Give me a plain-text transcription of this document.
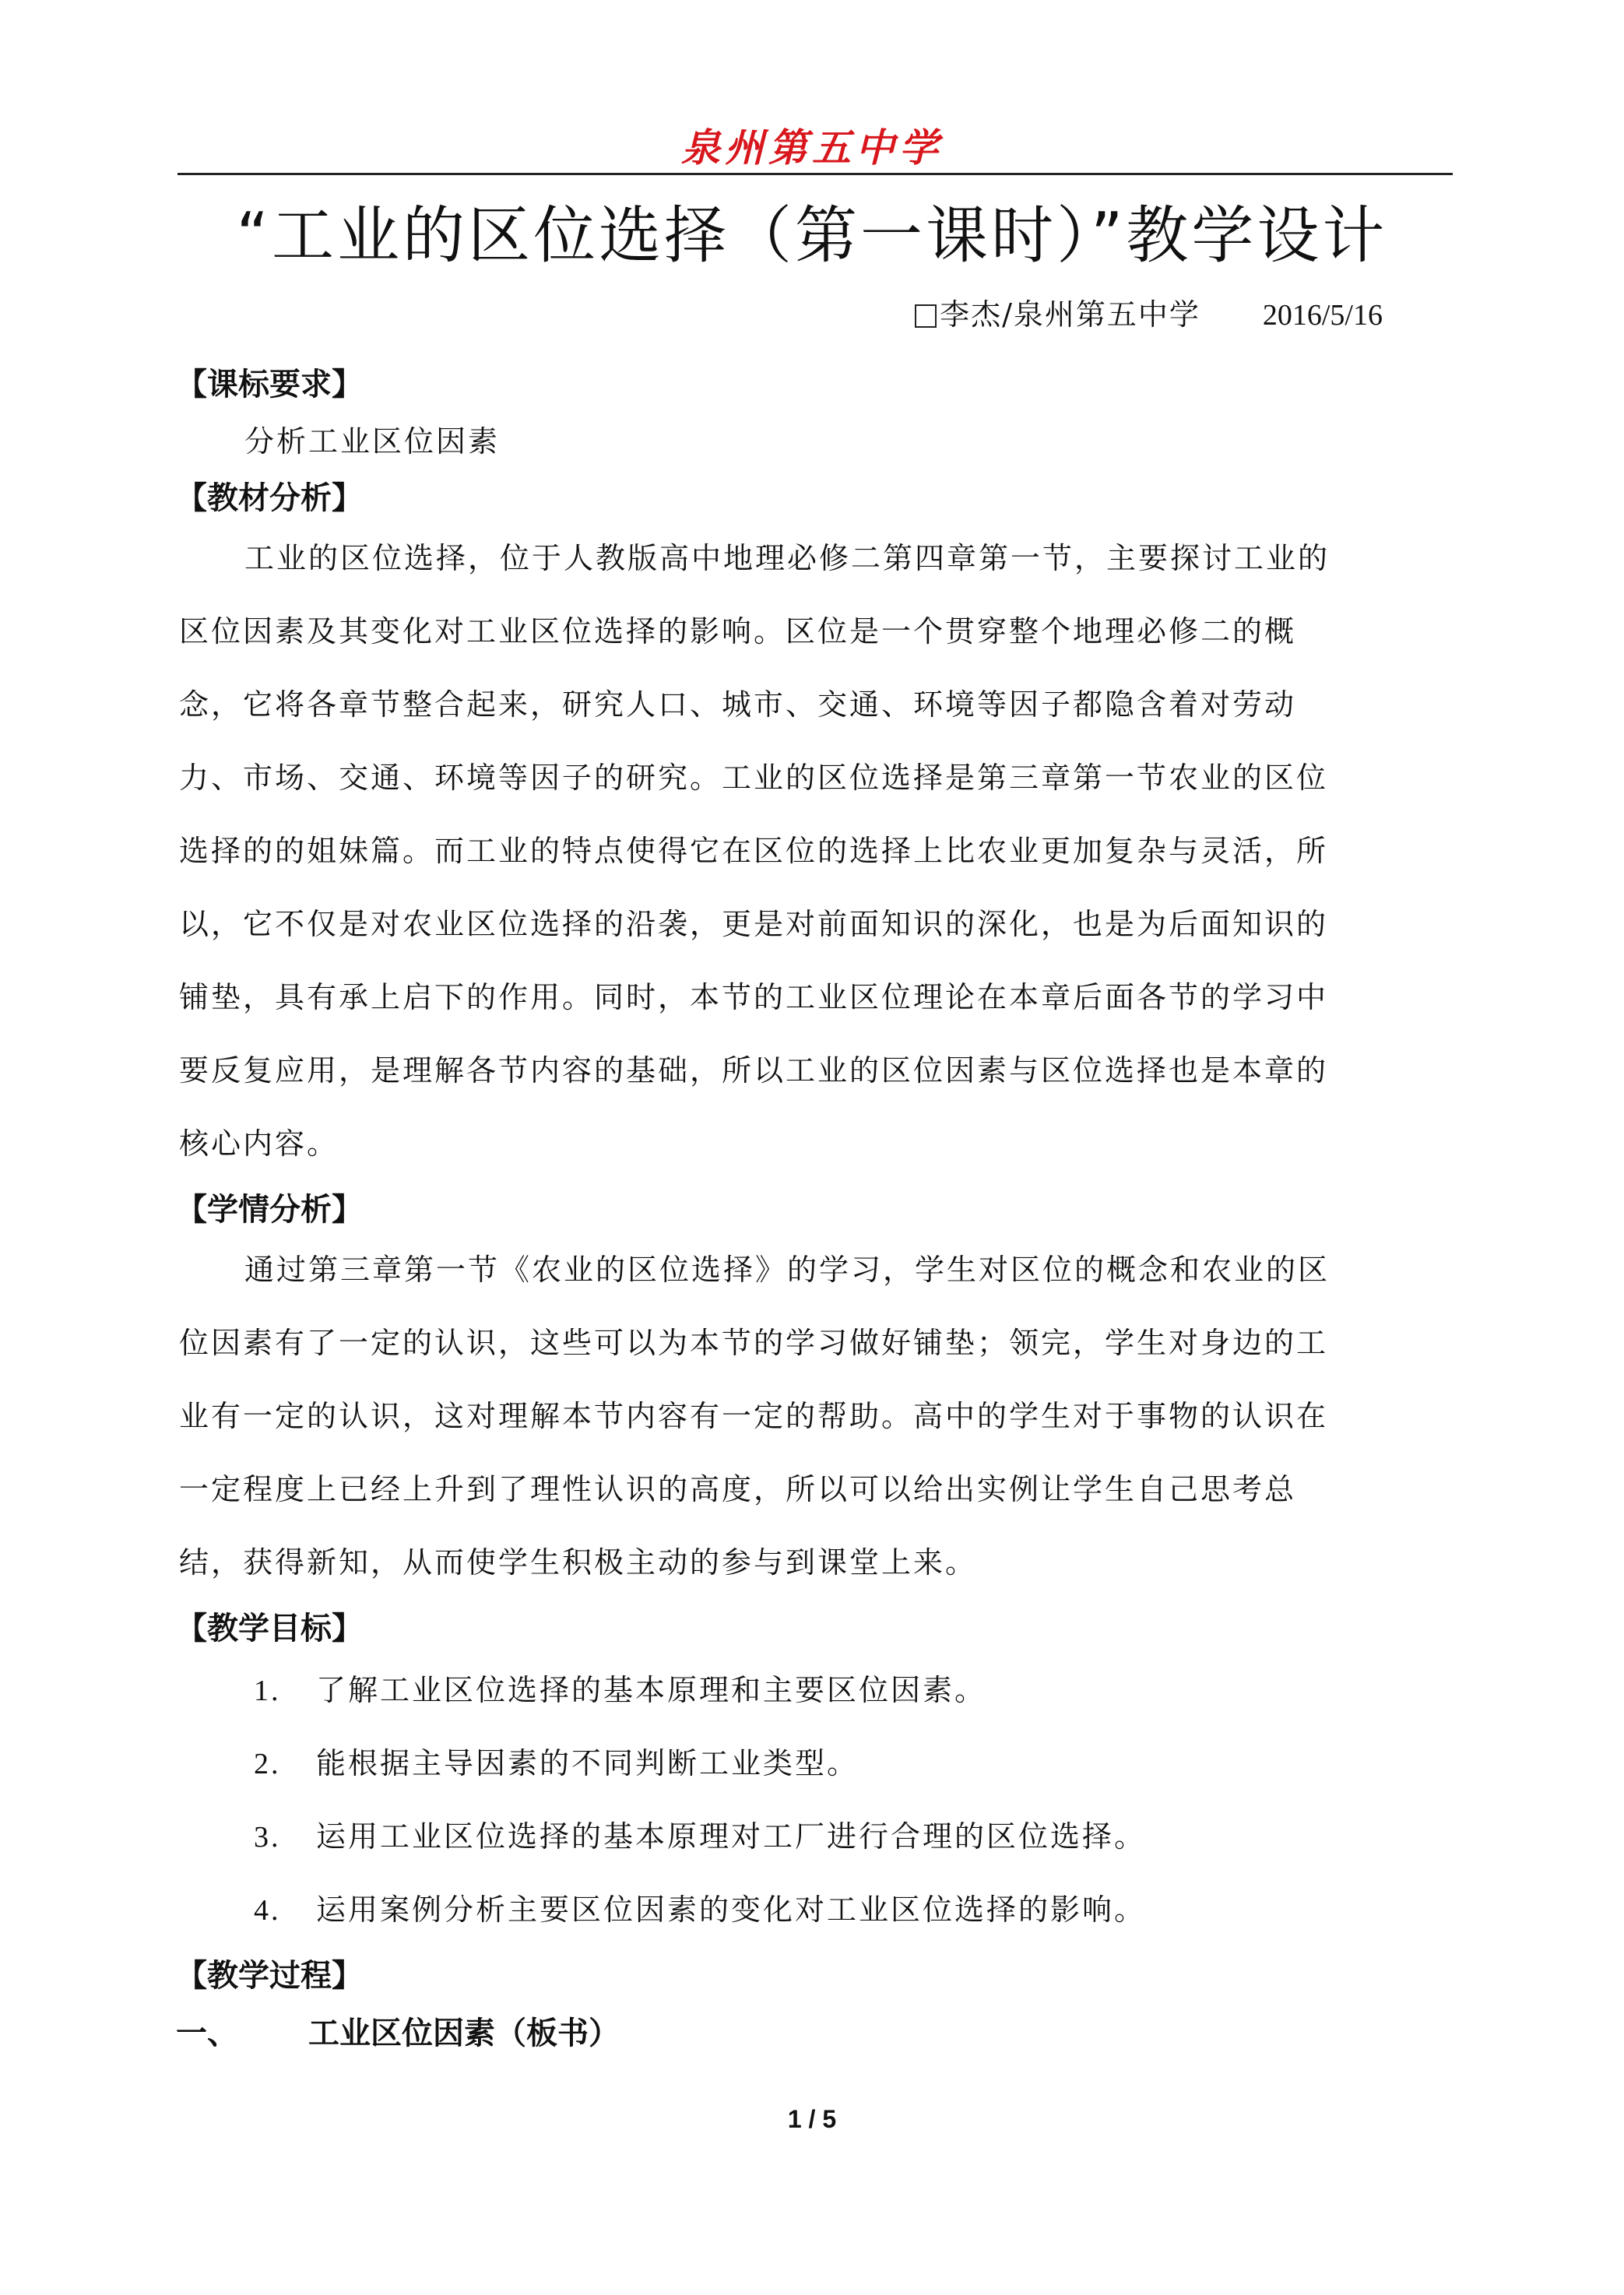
泉州第五中学
“工业的区位选择（第一课时）”教学设计
李杰/泉州第五中学 2016/5/16
【课标要求】
分析工业区位因素
【教材分析】
工业的区位选择，位于人教版高中地理必修二第四章第一节，主要探讨工业的
区位因素及其变化对工业区位选择的影响。区位是一个贯穿整个地理必修二的概
念，它将各章节整合起来，研究人口、城市、交通、环境等因子都隐含着对劳动
力、市场、交通、环境等因子的研究。工业的区位选择是第三章第一节农业的区位
选择的的姐妹篇。而工业的特点使得它在区位的选择上比农业更加复杂与灵活，所
以，它不仅是对农业区位选择的沿袭，更是对前面知识的深化，也是为后面知识的
铺垫，具有承上启下的作用。同时，本节的工业区位理论在本章后面各节的学习中
要反复应用，是理解各节内容的基础，所以工业的区位因素与区位选择也是本章的
核心内容。
【学情分析】
通过第三章第一节《农业的区位选择》的学习，学生对区位的概念和农业的区
位因素有了一定的认识，这些可以为本节的学习做好铺垫；领完，学生对身边的工
业有一定的认识，这对理解本节内容有一定的帮助。高中的学生对于事物的认识在
一定程度上已经上升到了理性认识的高度，所以可以给出实例让学生自己思考总
结，获得新知，从而使学生积极主动的参与到课堂上来。
【教学目标】
1. 了解工业区位选择的基本原理和主要区位因素。
2. 能根据主导因素的不同判断工业类型。
3. 运用工业区位选择的基本原理对工厂进行合理的区位选择。
4. 运用案例分析主要区位因素的变化对工业区位选择的影响。
【教学过程】
一、 工业区位因素（板书）
1 / 5
